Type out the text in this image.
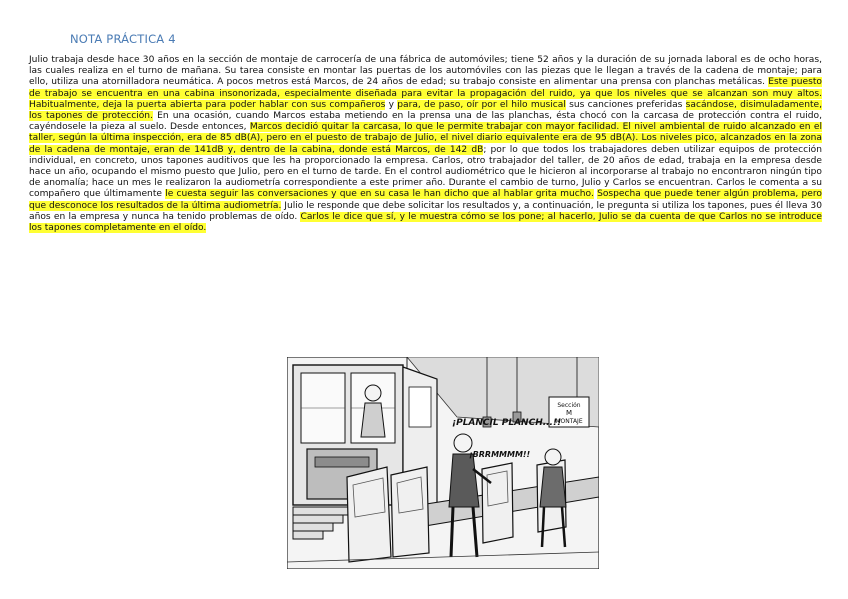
NOTA PRÁCTICA 4
Julio trabaja desde hace 30 años en la sección de montaje de carrocería de una fábrica de automóviles; tiene 52 años y la duración de su jornada laboral es de ocho horas, las cuales realiza en el turno de mañana. Su tarea consiste en montar las puertas de los automóviles con las piezas que le llegan a través de la cadena de montaje; para ello, utiliza una atornilladora neumática. A pocos metros está Marcos, de 24 años de edad; su trabajo consiste en alimentar una prensa con planchas metálicas. Este puesto de trabajo se encuentra en una cabina insonorizada, especialmente diseñada para evitar la propagación del ruido, ya que los niveles que se alcanzan son muy altos. Habitualmente, deja la puerta abierta para poder hablar con sus compañeros y para, de paso, oír por el hilo musical sus canciones preferidas sacándose, disimuladamente, los tapones de protección. En una ocasión, cuando Marcos estaba metiendo en la prensa una de las planchas, ésta chocó con la carcasa de protección contra el ruido, cayéndosele la pieza al suelo. Desde entonces, Marcos decidió quitar la carcasa, lo que le permite trabajar con mayor facilidad. El nivel ambiental de ruido alcanzado en el taller, según la última inspección, era de 85 dB(A), pero en el puesto de trabajo de Julio, el nivel diario equivalente era de 95 dB(A). Los niveles pico, alcanzados en la zona de la cadena de montaje, eran de 141dB y, dentro de la cabina, donde está Marcos, de 142 dB; por lo que todos los trabajadores deben utilizar equipos de protección individual, en concreto, unos tapones auditivos que les ha proporcionado la empresa. Carlos, otro trabajador del taller, de 20 años de edad, trabaja en la empresa desde hace un año, ocupando el mismo puesto que Julio, pero en el turno de tarde. En el control audiométrico que le hicieron al incorporarse al trabajo no encontraron ningún tipo de anomalía; hace un mes le realizaron la audiometría correspondiente a este primer año. Durante el cambio de turno, Julio y Carlos se encuentran. Carlos le comenta a su compañero que últimamente le cuesta seguir las conversaciones y que en su casa le han dicho que al hablar grita mucho. Sospecha que puede tener algún problema, pero que desconoce los resultados de la última audiometría. Julio le responde que debe solicitar los resultados y, a continuación, le pregunta si utiliza los tapones, pues él lleva 30 años en la empresa y nunca ha tenido problemas de oído. Carlos le dice que sí, y le muestra cómo se los pone; al hacerlo, Julio se da cuenta de que Carlos no se introduce los tapones completamente en el oído.
Sección
M
MONTAJE
¡PLANCIL PLANCH...!!
¡BRRMMMM!!
